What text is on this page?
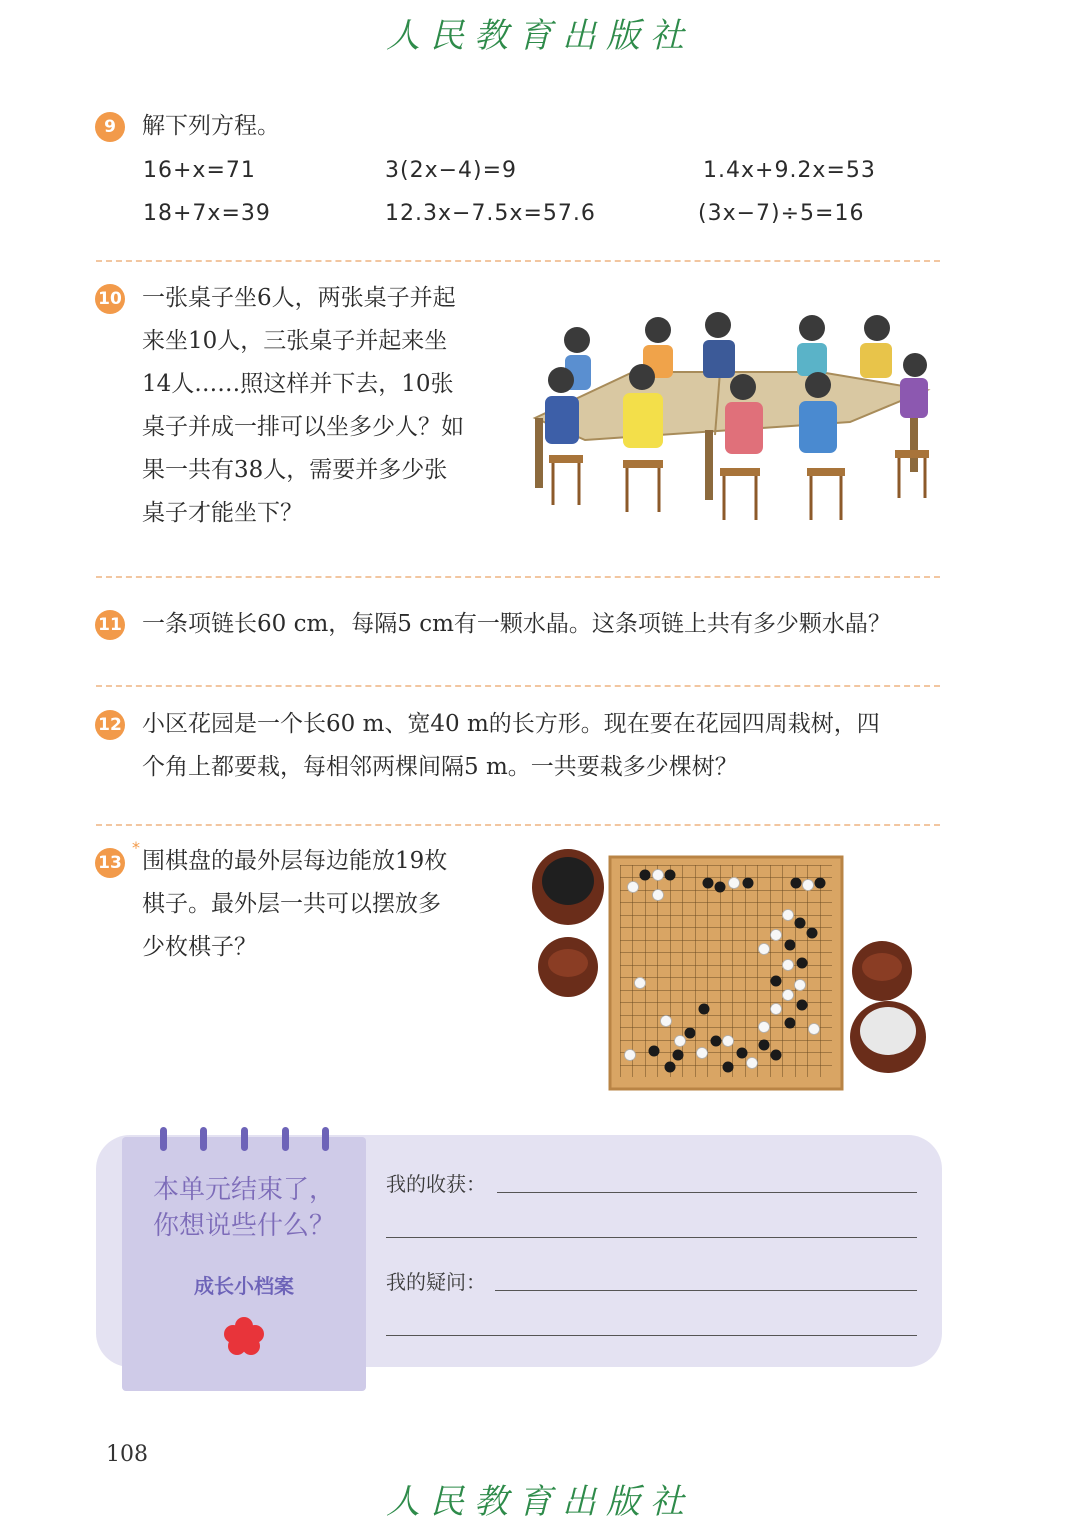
人民教育出版社
9	解下列方程。
16+x=71	3(2x−4)=9	1.4x+9.2x=53
18+7x=39	12.3x−7.5x=57.6	(3x−7)÷5=16
10 一张桌子坐6人，两张桌子并起
来坐10人，三张桌子并起来坐
14人……照这样并下去，10张
桌子并成一排可以坐多少人？如
果一共有38人，需要并多少张
桌子才能坐下？
11 一条项链长60 cm，每隔5 cm有一颗水晶。这条项链上共有多少颗水晶？
12 小区花园是一个长60 m、宽40 m的长方形。现在要在花园四周栽树，四
个角上都要栽，每相邻两棵间隔5 m。一共要栽多少棵树？
13
*
围棋盘的最外层每边能放19枚
棋子。最外层一共可以摆放多
少枚棋子？
本单元结束了，
你想说些什么？
成长小档案
我的收获：
我的疑问：
108
人民教育出版社
